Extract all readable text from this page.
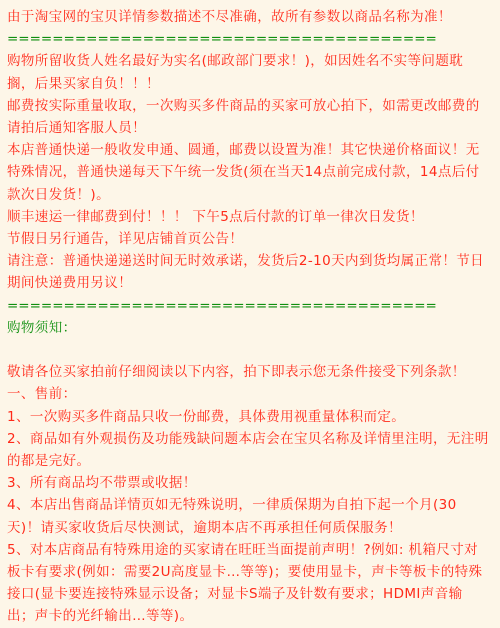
由于淘宝网的宝贝详情参数描述不尽准确，故所有参数以商品名称为准！

======================================

购物所留收货人姓名最好为实名(邮政部门要求！)，如因姓名不实等问题耽搁，后果买家自负！！！

邮费按实际重量收取，一次购买多件商品的买家可放心拍下，如需更改邮费的请拍后通知客服人员！

本店普通快递一般收发申通、圆通，邮费以设置为准！其它快递价格面议！无特殊情况，普通快递每天下午统一发货(须在当天14点前完成付款，14点后付款次日发货！)。

顺丰速运一律邮费到付！！！ 下午5点后付款的订单一律次日发货！

节假日另行通告，详见店铺首页公告！

请注意：普通快递递送时间无时效承诺，发货后2-10天内到货均属正常！节日期间快递费用另议！

======================================

购物须知：

敬请各位买家拍前仔细阅读以下内容，拍下即表示您无条件接受下列条款！

一、售前：

1、一次购买多件商品只收一份邮费，具体费用视重量体积而定。

2、商品如有外观损伤及功能残缺问题本店会在宝贝名称及详情里注明，无注明的都是完好。

3、所有商品均不带票或收据！

4、本店出售商品详情页如无特殊说明，一律质保期为自拍下起一个月(30天)！请买家收货后尽快测试，逾期本店不再承担任何质保服务！

5、对本店商品有特殊用途的买家请在旺旺当面提前声明！?例如: 机箱尺寸对板卡有要求(例如：需要2U高度显卡…等等)；要使用显卡，声卡等板卡的特殊接口(显卡要连接特殊显示设备；对显卡S端子及针数有要求；HDMI声音输出；声卡的光纤输出…等等)。
